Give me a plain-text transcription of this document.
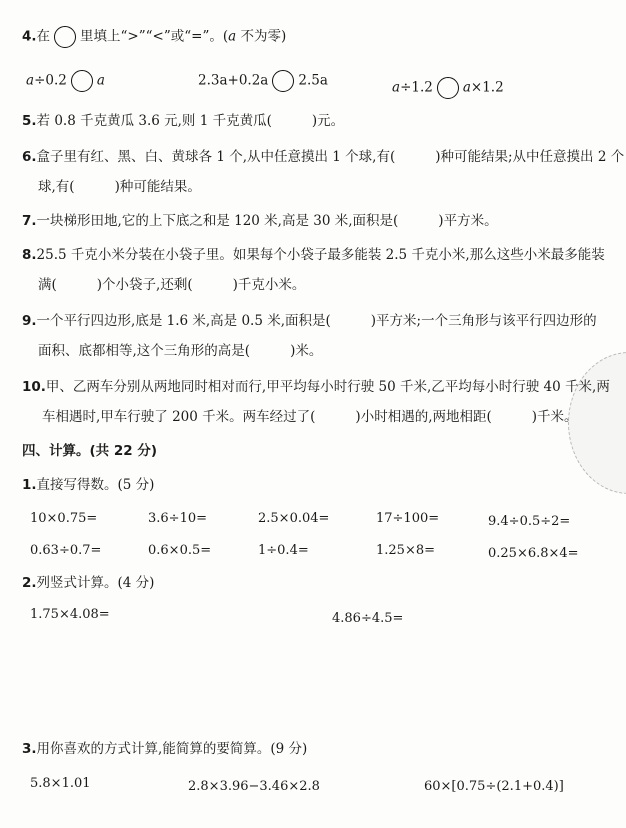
4.在 里填上“>”“<”或“=”。(a 不为零)
a÷0.2 a	2.3a+0.2a 2.5a	a÷1.2 a×1.2
5.若 0.8 千克黄瓜 3.6 元,则 1 千克黄瓜(	)元。
6.盒子里有红、黑、白、黄球各 1 个,从中任意摸出 1 个球,有(	)种可能结果;从中任意摸出 2 个
球,有(	)种可能结果。
7.一块梯形田地,它的上下底之和是 120 米,高是 30 米,面积是(	)平方米。
8.25.5 千克小米分装在小袋子里。如果每个小袋子最多能装 2.5 千克小米,那么这些小米最多能装
满(	)个小袋子,还剩(	)千克小米。
9.一个平行四边形,底是 1.6 米,高是 0.5 米,面积是(	)平方米;一个三角形与该平行四边形的
面积、底都相等,这个三角形的高是(	)米。
10.甲、乙两车分别从两地同时相对而行,甲平均每小时行驶 50 千米,乙平均每小时行驶 40 千米,两
车相遇时,甲车行驶了 200 千米。两车经过了(	)小时相遇的,两地相距(	)千米。
四、计算。(共 22 分)
1.直接写得数。(5 分)
10×0.75=	3.6÷10=	2.5×0.04=	17÷100=	9.4÷0.5÷2=
0.63÷0.7=	0.6×0.5=	1÷0.4=	1.25×8=	0.25×6.8×4=
2.列竖式计算。(4 分)
1.75×4.08=	4.86÷4.5=
3.用你喜欢的方式计算,能简算的要简算。(9 分)
5.8×1.01	2.8×3.96−3.46×2.8	60×[0.75÷(2.1+0.4)]
